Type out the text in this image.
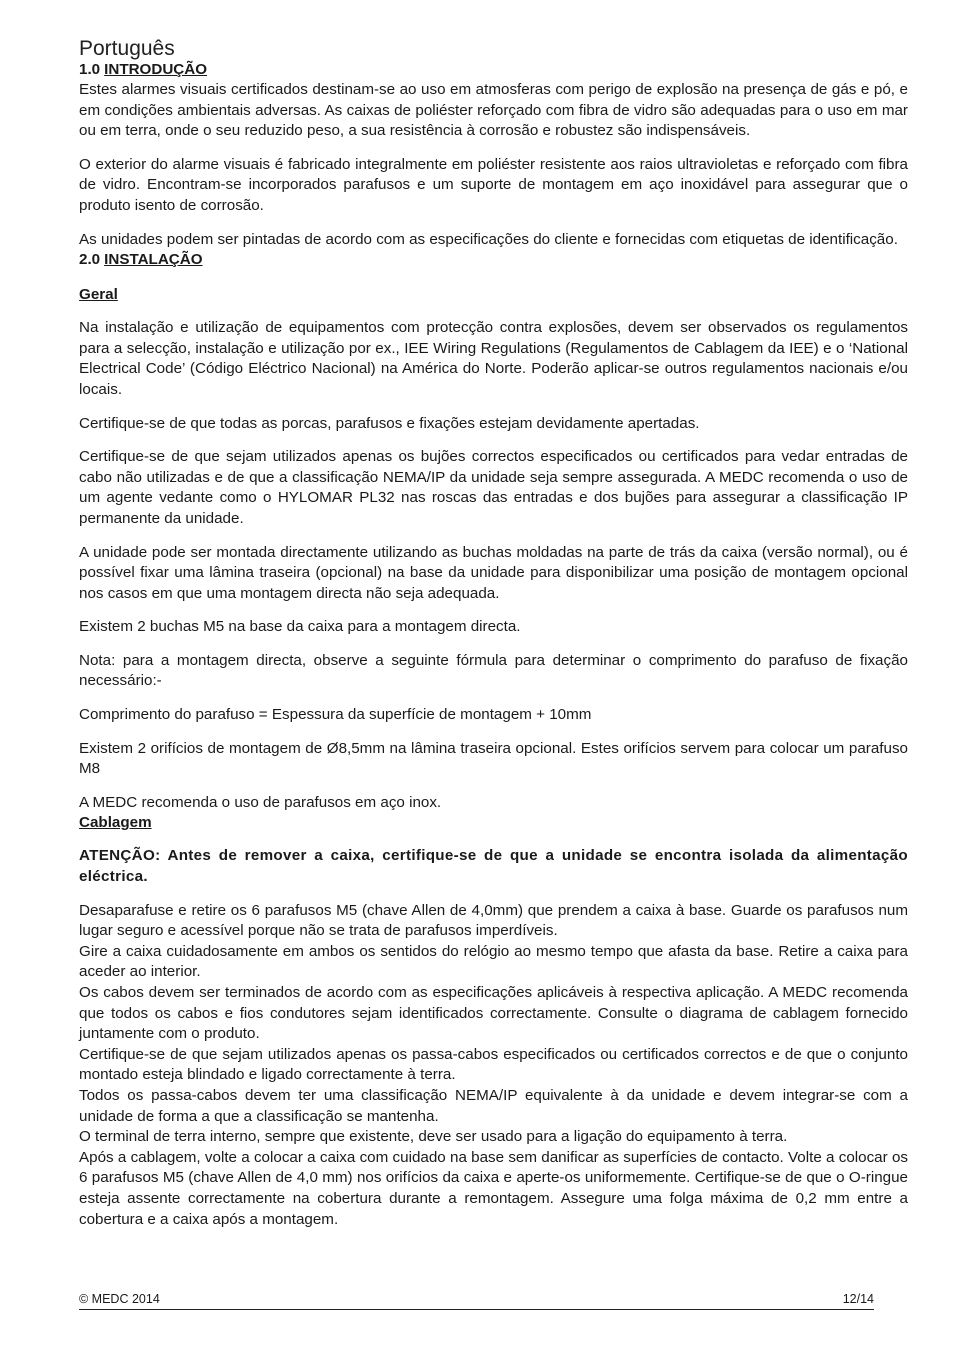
Português
1.0 INTRODUÇÃO

Estes alarmes visuais certificados destinam-se ao uso em atmosferas com perigo de explosão na presença de gás e pó, e em condições ambientais adversas. As caixas de poliéster reforçado com fibra de vidro são adequadas para o uso em mar ou em terra, onde o seu reduzido peso, a sua resistência à corrosão e robustez são indispensáveis.

O exterior do alarme visuais é fabricado integralmente em poliéster resistente aos raios ultravioletas e reforçado com fibra de vidro. Encontram-se incorporados parafusos e um suporte de montagem em aço inoxidável para assegurar que o produto isento de corrosão.

As unidades podem ser pintadas de acordo com as especificações do cliente e fornecidas com etiquetas de identificação.

2.0 INSTALAÇÃO
Geral

Na instalação e utilização de equipamentos com protecção contra explosões, devem ser observados os regulamentos para a selecção, instalação e utilização por ex., IEE Wiring Regulations (Regulamentos de Cablagem da IEE) e o ‘National Electrical Code’ (Código Eléctrico Nacional) na América do Norte. Poderão aplicar-se outros regulamentos nacionais e/ou locais.

Certifique-se de que todas as porcas, parafusos e fixações estejam devidamente apertadas.

Certifique-se de que sejam utilizados apenas os bujões correctos especificados ou certificados para vedar entradas de cabo não utilizadas e de que a classificação NEMA/IP da unidade seja sempre assegurada. A MEDC recomenda o uso de um agente vedante como o HYLOMAR PL32 nas roscas das entradas e dos bujões para assegurar a classificação IP permanente da unidade.

A unidade pode ser montada directamente utilizando as buchas moldadas na parte de trás da caixa (versão normal), ou é possível fixar uma lâmina traseira (opcional) na base da unidade para disponibilizar uma posição de montagem opcional nos casos em que uma montagem directa não seja adequada.

Existem 2 buchas M5 na base da caixa para a montagem directa.

Nota: para a montagem directa, observe a seguinte fórmula para determinar o comprimento do parafuso de fixação necessário:-

Comprimento do parafuso = Espessura da superfície de montagem + 10mm

Existem 2 orifícios de montagem de Ø8,5mm na lâmina traseira opcional. Estes orifícios servem para colocar um parafuso M8

A MEDC recomenda o uso de parafusos em aço inox.

Cablagem

ATENÇÃO: Antes de remover a caixa, certifique-se de que a unidade se encontra isolada da alimentação eléctrica.

Desaparafuse e retire os 6 parafusos M5 (chave Allen de 4,0mm) que prendem a caixa à base. Guarde os parafusos num lugar seguro e acessível porque não se trata de parafusos imperdíveis.

Gire a caixa cuidadosamente em ambos os sentidos do relógio ao mesmo tempo que afasta da base. Retire a caixa para aceder ao interior.

Os cabos devem ser terminados de acordo com as especificações aplicáveis à respectiva aplicação. A MEDC recomenda que todos os cabos e fios condutores sejam identificados correctamente. Consulte o diagrama de cablagem fornecido juntamente com o produto.

Certifique-se de que sejam utilizados apenas os passa-cabos especificados ou certificados correctos e de que o conjunto montado esteja blindado e ligado correctamente à terra.

Todos os passa-cabos devem ter uma classificação NEMA/IP equivalente à da unidade e devem integrar-se com a unidade de forma a que a classificação se mantenha.

O terminal de terra interno, sempre que existente, deve ser usado para a ligação do equipamento à terra.

Após a cablagem, volte a colocar a caixa com cuidado na base sem danificar as superfícies de contacto. Volte a colocar os 6 parafusos M5 (chave Allen de 4,0 mm) nos orifícios da caixa e aperte-os uniformemente. Certifique-se de que o O-ringue esteja assente correctamente na cobertura durante a remontagem. Assegure uma folga máxima de 0,2 mm entre a cobertura e a caixa após a montagem.

© MEDC 2014	12/14
